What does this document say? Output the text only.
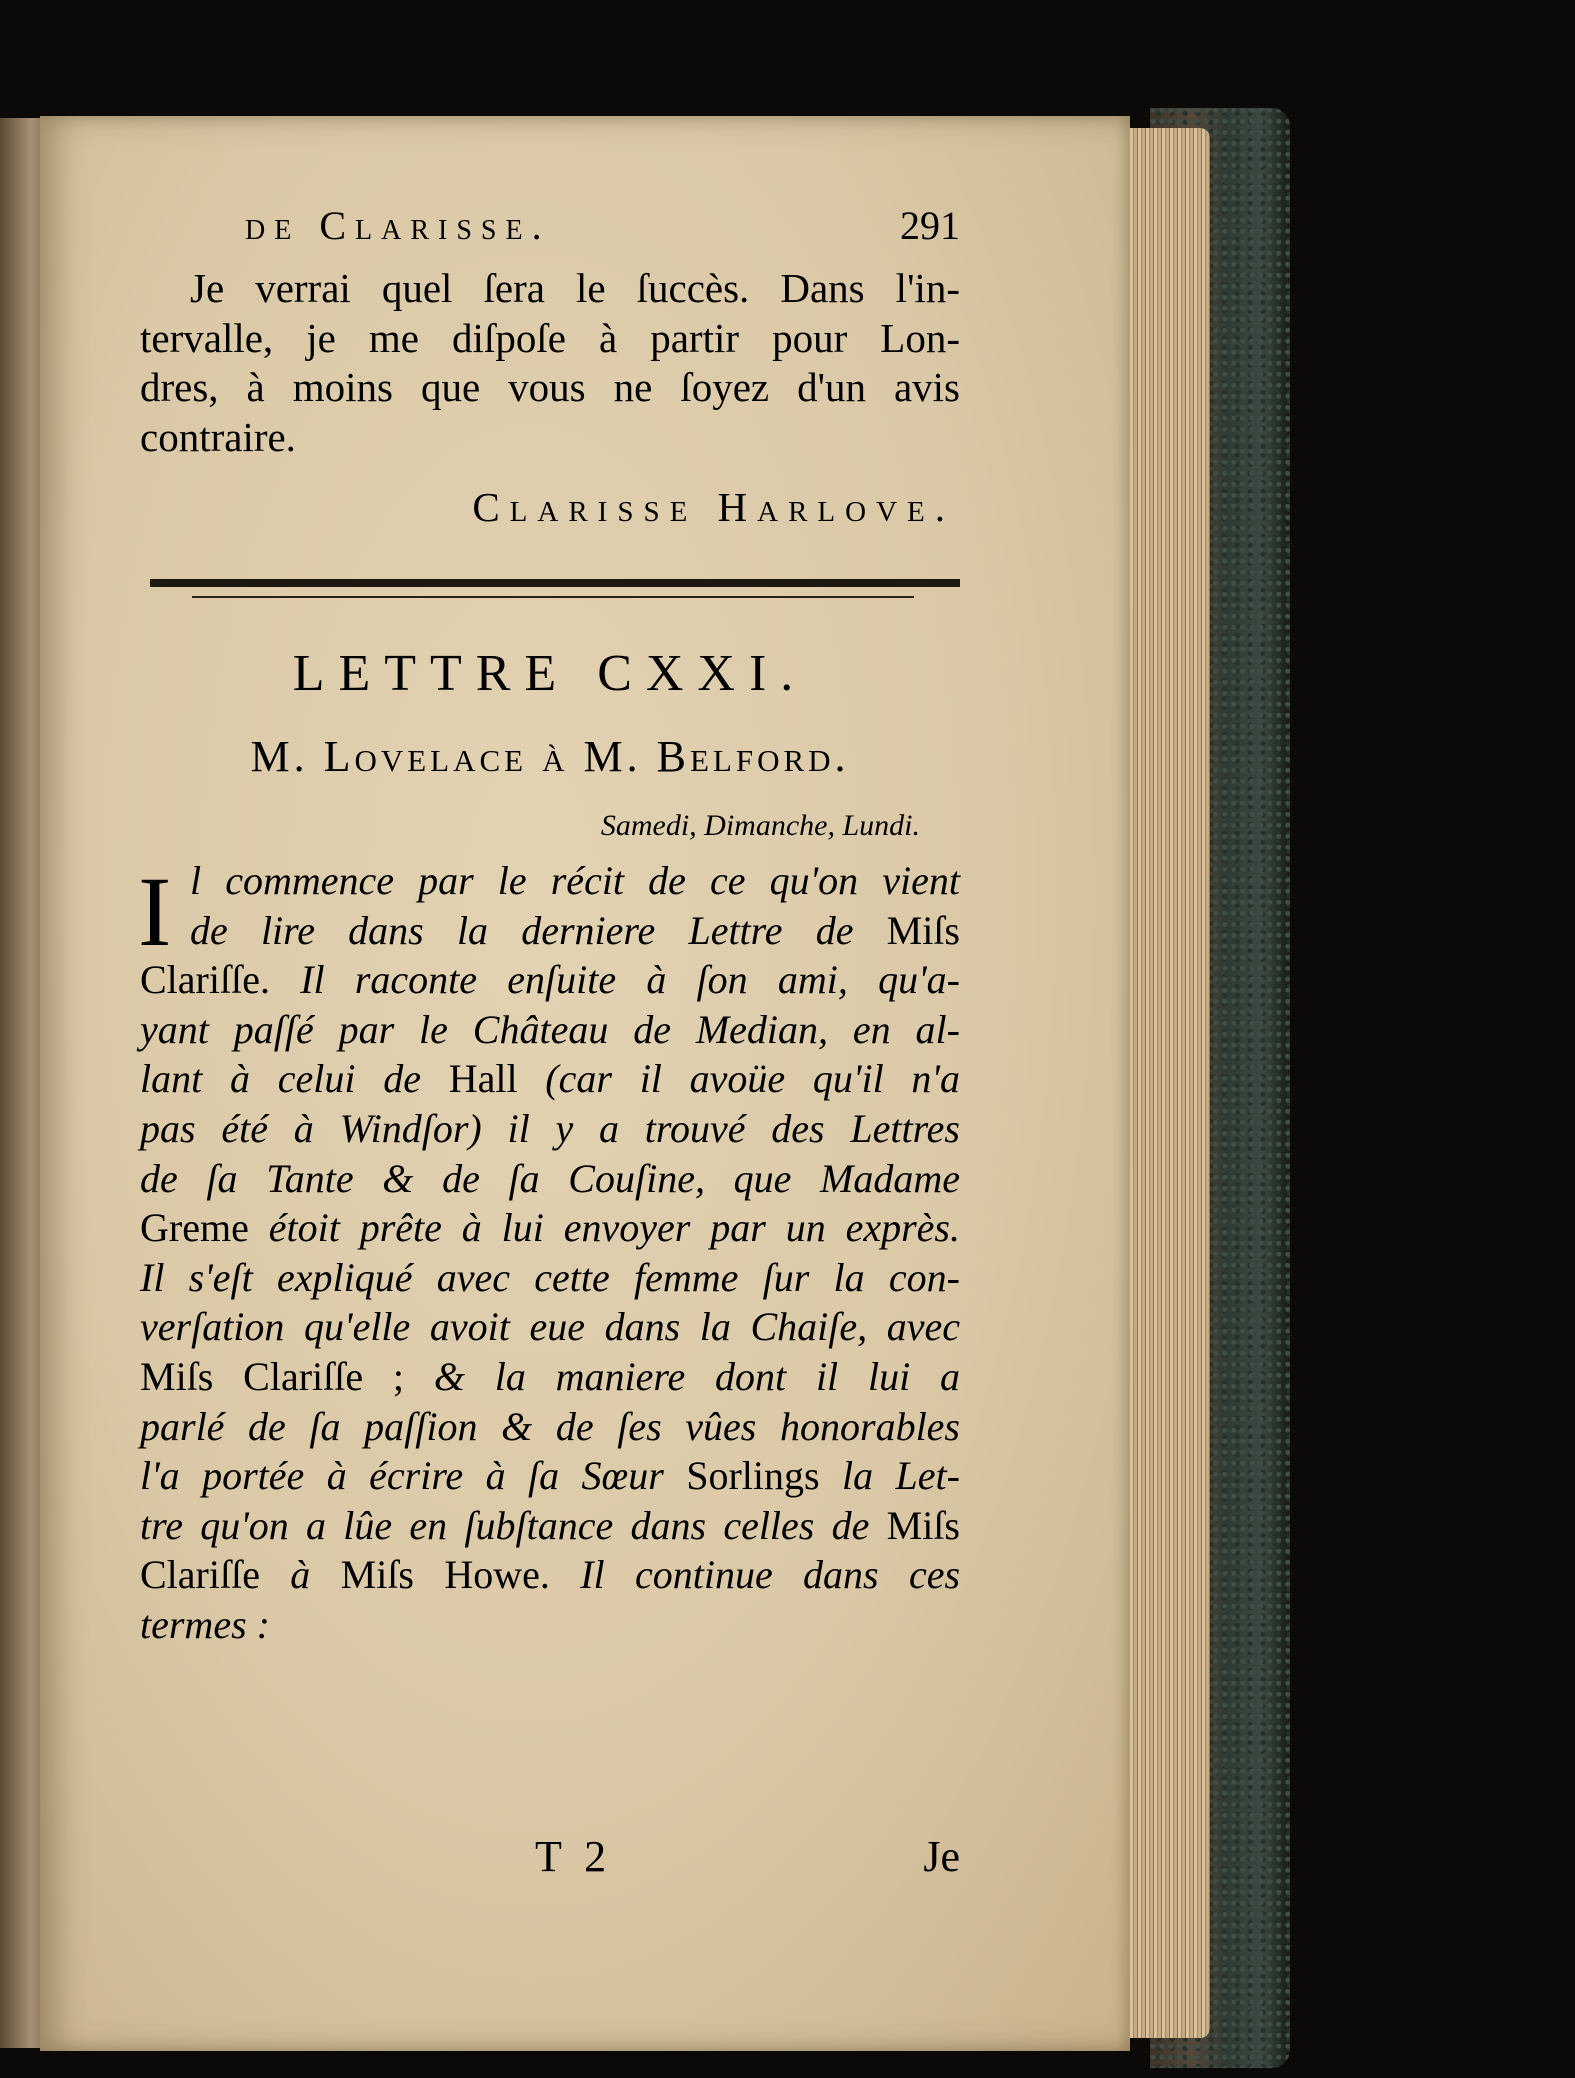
de Clarisse.	291
Je verrai quel ſera le ſuccès. Dans l'in-
tervalle, je me diſpoſe à partir pour Lon-
dres, à moins que vous ne ſoyez d'un avis
contraire.
Clarisse Harlove.
LETTRE CXXI.
M. Lovelace à M. Belford.
Samedi, Dimanche, Lundi.
I l commence par le récit de ce qu'on vient
de lire dans la derniere Lettre de Miſs
Clariſſe. Il raconte enſuite à ſon ami, qu'a-
yant paſſé par le Château de Median, en al-
lant à celui de Hall (car il avoüe qu'il n'a
pas été à Windſor) il y a trouvé des Lettres
de ſa Tante & de ſa Couſine, que Madame
Greme étoit prête à lui envoyer par un exprès.
Il s'eſt expliqué avec cette femme ſur la con-
verſation qu'elle avoit eue dans la Chaiſe, avec
Miſs Clariſſe ; & la maniere dont il lui a
parlé de ſa paſſion & de ſes vûes honorables
l'a portée à écrire à ſa Sœur Sorlings la Let-
tre qu'on a lûe en ſubſtance dans celles de Miſs
Clariſſe à Miſs Howe. Il continue dans ces
termes :
T 2	Je
